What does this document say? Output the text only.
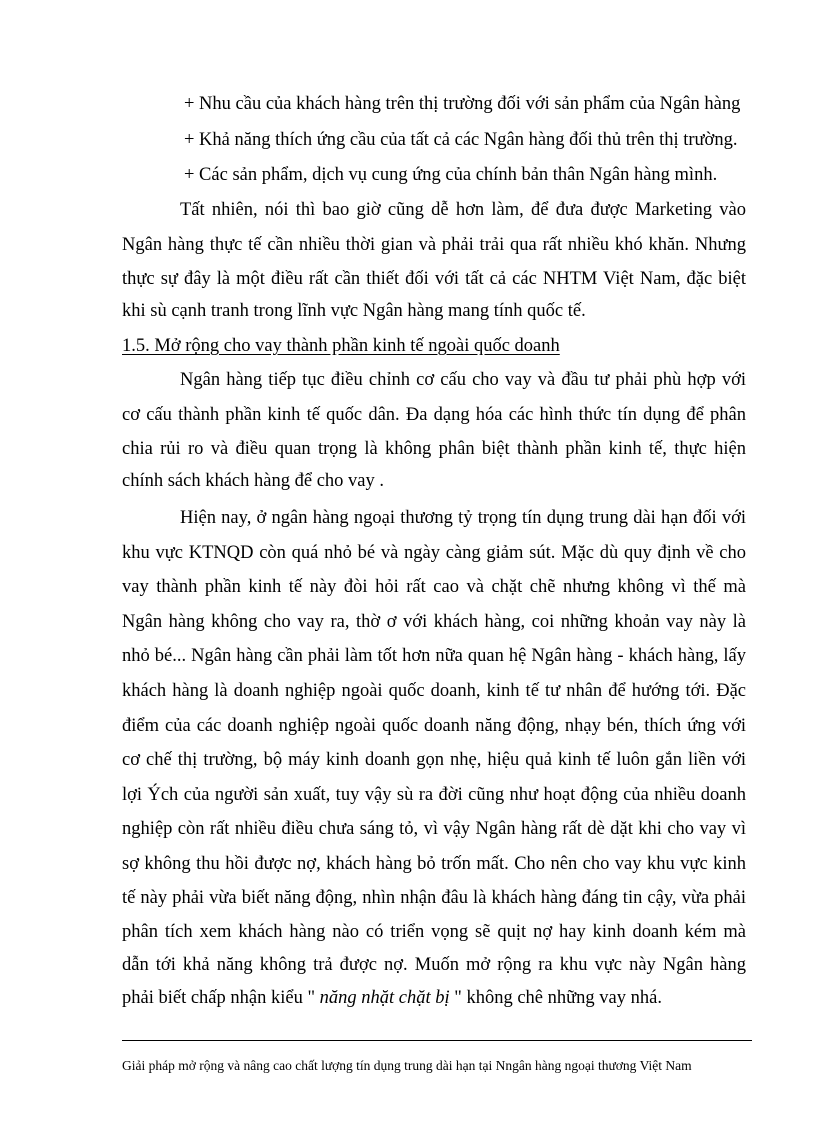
+ Nhu cầu của khách hàng trên thị trường đối với sản phẩm của Ngân hàng
+ Khả năng thích ứng cầu của tất cả các Ngân hàng đối thủ trên thị trường.
+ Các sản phẩm, dịch vụ cung ứng của chính bản thân Ngân hàng mình.
Tất nhiên, nói thì bao giờ cũng dễ hơn làm, để đưa được Marketing vào
Ngân hàng thực tế cần nhiều thời gian và phải trải qua rất nhiều khó khăn. Nhưng
thực sự đây là một điều rất cần thiết đối với tất cả các NHTM Việt Nam, đặc biệt
khi sù cạnh tranh trong lĩnh vực Ngân hàng mang tính quốc tế.
1.5. Mở rộng cho vay thành phần kinh tế ngoài quốc doanh
Ngân hàng tiếp tục điều chỉnh cơ cấu cho vay và đầu tư phải phù hợp với
cơ cấu thành phần kinh tế quốc dân. Đa dạng hóa các hình thức tín dụng để phân
chia rủi ro và điều quan trọng là không phân biệt thành phần kinh tế, thực hiện
chính sách khách hàng để cho vay .
Hiện nay, ở ngân hàng ngoại thương tỷ trọng tín dụng trung dài hạn đối với
khu vực KTNQD còn quá nhỏ bé và ngày càng giảm sút. Mặc dù quy định về cho
vay thành phần kinh tế này đòi hỏi rất cao và chặt chẽ nhưng không vì thế mà
Ngân hàng không cho vay ra, thờ ơ với khách hàng, coi những khoản vay này là
nhỏ bé... Ngân hàng cần phải làm tốt hơn nữa quan hệ Ngân hàng - khách hàng, lấy
khách hàng là doanh nghiệp ngoài quốc doanh, kinh tế tư nhân để hướng tới. Đặc
điểm của các doanh nghiệp ngoài quốc doanh năng động, nhạy bén, thích ứng với
cơ chế thị trường, bộ máy kinh doanh gọn nhẹ, hiệu quả kinh tế luôn gắn liền với
lợi Ých của người sản xuất, tuy vậy sù ra đời cũng như hoạt động của nhiều doanh
nghiệp còn rất nhiều điều chưa sáng tỏ, vì vậy Ngân hàng rất dè dặt khi cho vay vì
sợ không thu hồi được nợ, khách hàng bỏ trốn mất. Cho nên cho vay khu vực kinh
tế này phải vừa biết năng động, nhìn nhận đâu là khách hàng đáng tin cậy, vừa phải
phân tích xem khách hàng nào có triển vọng sẽ quịt nợ hay kinh doanh kém mà
dẫn tới khả năng không trả được nợ. Muốn mở rộng ra khu vực này Ngân hàng
phải biết chấp nhận kiểu " năng nhặt chặt bị " không chê những vay nhá.
Giải pháp mở rộng và nâng cao chất lượng tín dụng trung dài hạn tại Nngân hàng ngoại thương Việt Nam
